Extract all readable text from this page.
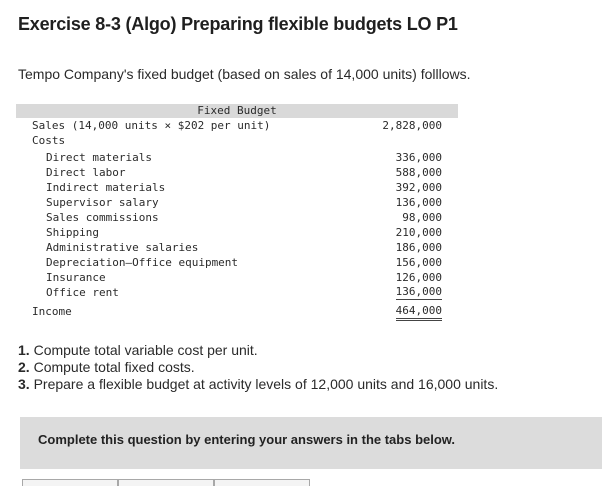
Exercise 8-3 (Algo) Preparing flexible budgets LO P1
Tempo Company's fixed budget (based on sales of 14,000 units) folllows.
Fixed Budget
Sales (14,000 units × $202 per unit)	2,828,000
Costs
Direct materials	336,000
Direct labor	588,000
Indirect materials	392,000
Supervisor salary	136,000
Sales commissions	98,000
Shipping	210,000
Administrative salaries	186,000
Depreciation—Office equipment	156,000
Insurance	126,000
Office rent	136,000
Income	464,000
1. Compute total variable cost per unit.
2. Compute total fixed costs.
3. Prepare a flexible budget at activity levels of 12,000 units and 16,000 units.
Complete this question by entering your answers in the tabs below.
